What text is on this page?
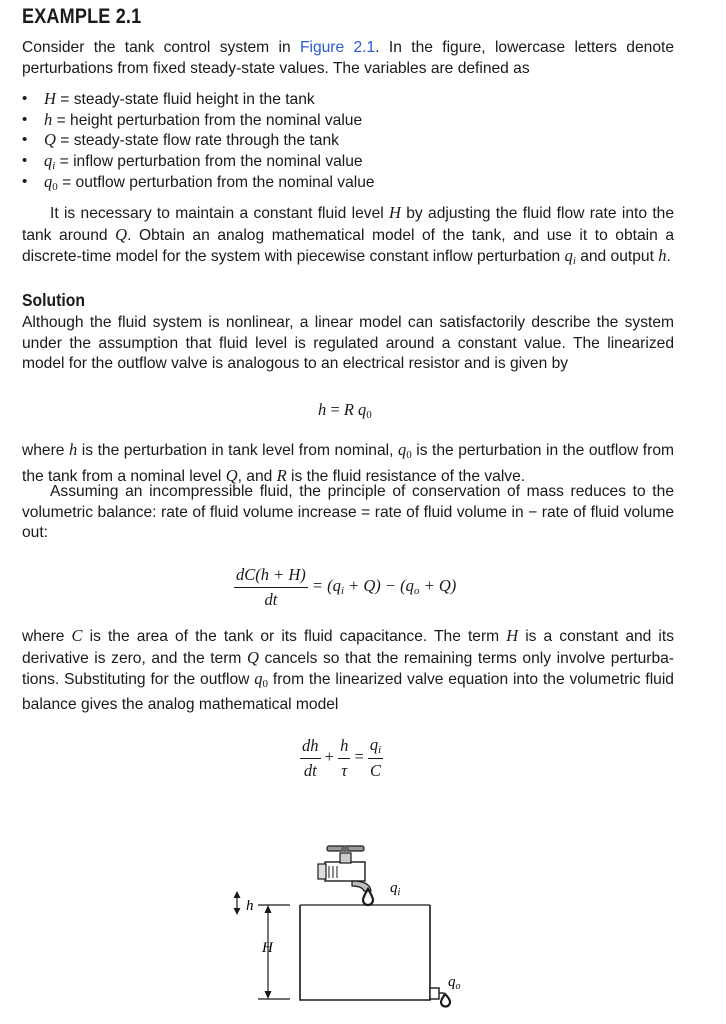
EXAMPLE 2.1
Consider the tank control system in Figure 2.1. In the figure, lowercase letters denote perturbations from fixed steady-state values. The variables are defined as
• H = steady-state fluid height in the tank
• h = height perturbation from the nominal value
• Q = steady-state flow rate through the tank
• $q_i$ = inflow perturbation from the nominal value
• $q_0$ = outflow perturbation from the nominal value
It is necessary to maintain a constant fluid level H by adjusting the fluid flow rate into the tank around Q. Obtain an analog mathematical model of the tank, and use it to obtain a discrete-time model for the system with piecewise constant inflow perturbation $q_i$ and output h.
Solution
Although the fluid system is nonlinear, a linear model can satisfactorily describe the system under the assumption that fluid level is regulated around a constant value. The linearized model for the outflow valve is analogous to an electrical resistor and is given by
h = R $q_0$
where h is the perturbation in tank level from nominal, $q_0$ is the perturbation in the outflow from the tank from a nominal level Q, and R is the fluid resistance of the valve.
Assuming an incompressible fluid, the principle of conservation of mass reduces to the volumetric balance: rate of fluid volume increase = rate of fluid volume in − rate of fluid volume out:
$\frac{dC(h + H)}{dt} = (q_i + Q) - (q_o + Q)$
where C is the area of the tank or its fluid capacitance. The term H is a constant and its derivative is zero, and the term Q cancels so that the remaining terms only involve perturbations. Substituting for the outflow $q_0$ from the linearized valve equation into the volumetric fluid balance gives the analog mathematical model
$\frac{dh}{dt} + \frac{h}{\tau} = \frac{q_i}{C}$
$q_i$
$q_o$
H
h
